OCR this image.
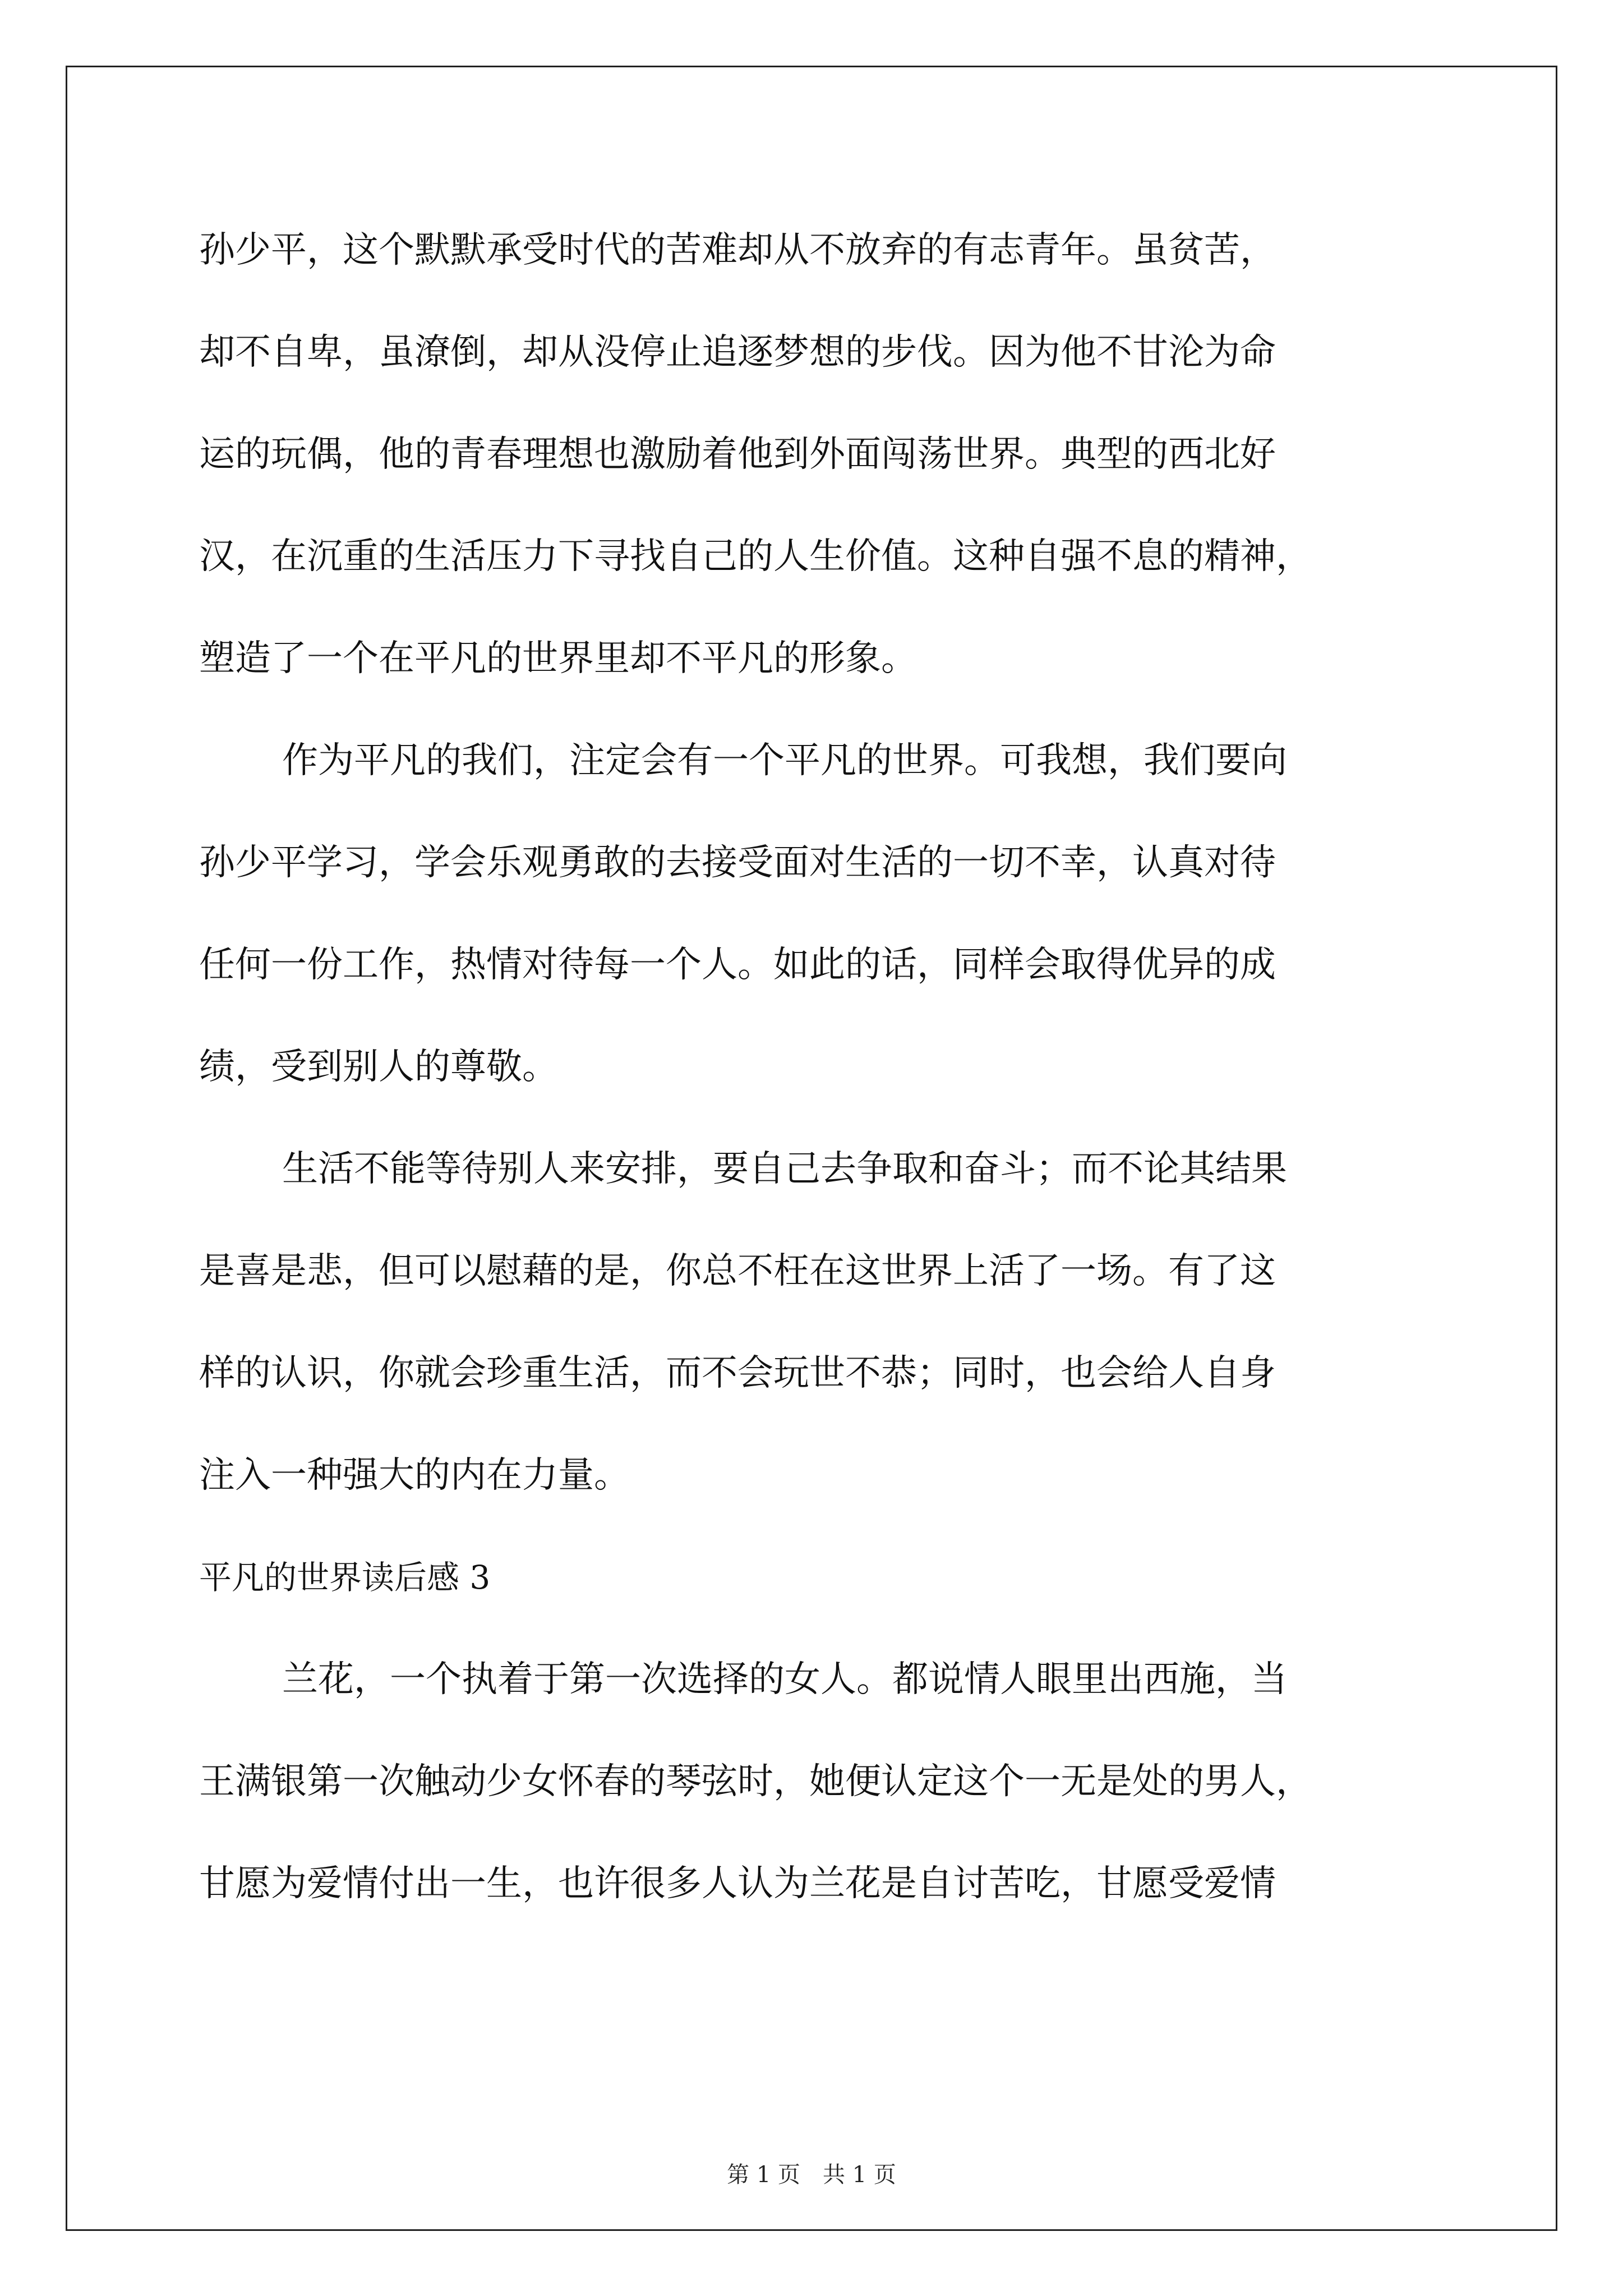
孙少平，这个默默承受时代的苦难却从不放弃的有志青年。虽贫苦，
却不自卑，虽潦倒，却从没停止追逐梦想的步伐。因为他不甘沦为命
运的玩偶，他的青春理想也激励着他到外面闯荡世界。典型的西北好
汉，在沉重的生活压力下寻找自己的人生价值。这种自强不息的精神，
塑造了一个在平凡的世界里却不平凡的形象。
作为平凡的我们，注定会有一个平凡的世界。可我想，我们要向
孙少平学习，学会乐观勇敢的去接受面对生活的一切不幸，认真对待
任何一份工作，热情对待每一个人。如此的话，同样会取得优异的成
绩，受到别人的尊敬。
生活不能等待别人来安排，要自己去争取和奋斗；而不论其结果
是喜是悲，但可以慰藉的是，你总不枉在这世界上活了一场。有了这
样的认识，你就会珍重生活，而不会玩世不恭；同时，也会给人自身
注入一种强大的内在力量。
平凡的世界读后感 3
兰花，一个执着于第一次选择的女人。都说情人眼里出西施，当
王满银第一次触动少女怀春的琴弦时，她便认定这个一无是处的男人，
甘愿为爱情付出一生，也许很多人认为兰花是自讨苦吃，甘愿受爱情
第 1 页　共 1 页
